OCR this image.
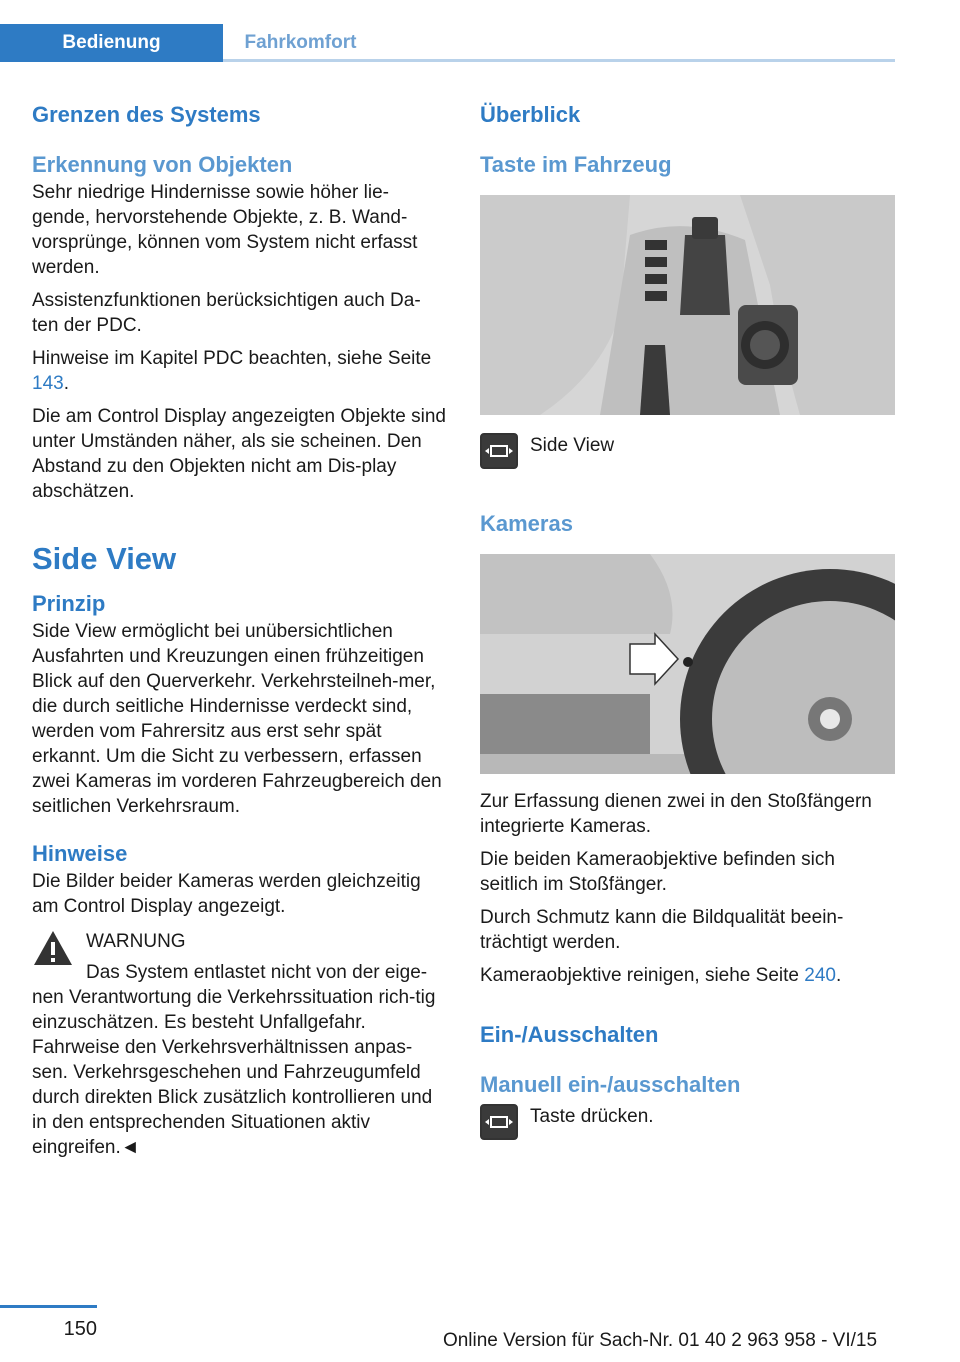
Bedienung	Fahrkomfort
Grenzen des Systems
Erkennung von Objekten

Sehr niedrige Hindernisse sowie höher lie-gende, hervorstehende Objekte, z. B. Wand-vorsprünge, können vom System nicht erfasst werden.

Assistenzfunktionen berücksichtigen auch Da-ten der PDC.

Hinweise im Kapitel PDC beachten, siehe Seite 143.

Die am Control Display angezeigten Objekte sind unter Umständen näher, als sie scheinen. Den Abstand zu den Objekten nicht am Dis-play abschätzen.

Side View
Prinzip

Side View ermöglicht bei unübersichtlichen Ausfahrten und Kreuzungen einen frühzeitigen Blick auf den Querverkehr. Verkehrsteilneh-mer, die durch seitliche Hindernisse verdeckt sind, werden vom Fahrersitz aus erst sehr spät erkannt. Um die Sicht zu verbessern, erfassen zwei Kameras im vorderen Fahrzeugbereich den seitlichen Verkehrsraum.

Hinweise

Die Bilder beider Kameras werden gleichzeitig am Control Display angezeigt.

WARNUNG

Das System entlastet nicht von der eige-

nen Verantwortung die Verkehrssituation rich-tig einzuschätzen. Es besteht Unfallgefahr. Fahrweise den Verkehrsverhältnissen anpas-sen. Verkehrsgeschehen und Fahrzeugumfeld durch direkten Blick zusätzlich kontrollieren und in den entsprechenden Situationen aktiv eingreifen.◄

Überblick
Taste im Fahrzeug
Side View
Kameras

Zur Erfassung dienen zwei in den Stoßfängern integrierte Kameras.

Die beiden Kameraobjektive befinden sich seitlich im Stoßfänger.

Durch Schmutz kann die Bildqualität beein-trächtigt werden.

Kameraobjektive reinigen, siehe Seite 240.

Ein-/Ausschalten
Manuell ein-/ausschalten
Taste drücken.
150
Online Version für Sach-Nr. 01 40 2 963 958 - VI/15
